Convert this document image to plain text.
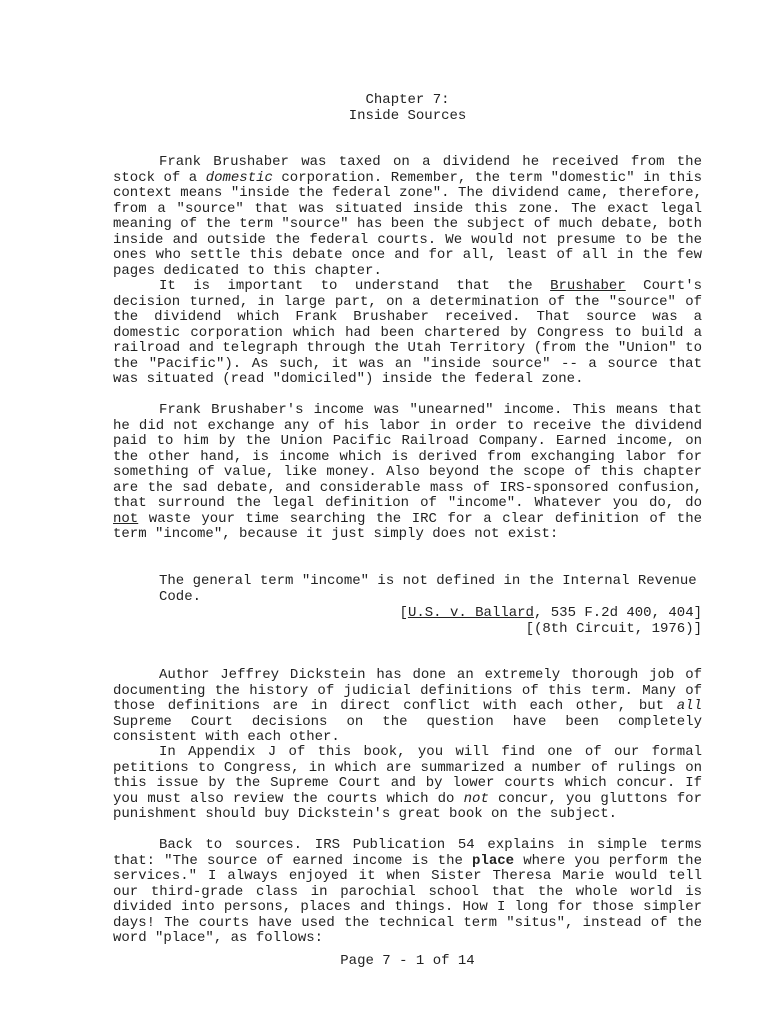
Chapter 7:
Inside Sources

Frank Brushaber was taxed on a dividend he received from the stock of a domestic corporation. Remember, the term "domestic" in this context means "inside the federal zone". The dividend came, therefore, from a "source" that was situated inside this zone. The exact legal meaning of the term "source" has been the subject of much debate, both inside and outside the federal courts. We would not presume to be the ones who settle this debate once and for all, least of all in the few pages dedicated to this chapter.

It is important to understand that the Brushaber Court's decision turned, in large part, on a determination of the "source" of the dividend which Frank Brushaber received. That source was a domestic corporation which had been chartered by Congress to build a railroad and telegraph through the Utah Territory (from the "Union" to the "Pacific"). As such, it was an "inside source" -- a source that was situated (read "domiciled") inside the federal zone.

Frank Brushaber's income was "unearned" income. This means that he did not exchange any of his labor in order to receive the dividend paid to him by the Union Pacific Railroad Company. Earned income, on the other hand, is income which is derived from exchanging labor for something of value, like money. Also beyond the scope of this chapter are the sad debate, and considerable mass of IRS-sponsored confusion, that surround the legal definition of "income". Whatever you do, do not waste your time searching the IRC for a clear definition of the term "income", because it just simply does not exist:

The general term "income" is not defined in the Internal Revenue Code.
[U.S. v. Ballard, 535 F.2d 400, 404]
[(8th Circuit, 1976)]

Author Jeffrey Dickstein has done an extremely thorough job of documenting the history of judicial definitions of this term. Many of those definitions are in direct conflict with each other, but all Supreme Court decisions on the question have been completely consistent with each other.

In Appendix J of this book, you will find one of our formal petitions to Congress, in which are summarized a number of rulings on this issue by the Supreme Court and by lower courts which concur. If you must also review the courts which do not concur, you gluttons for punishment should buy Dickstein's great book on the subject.

Back to sources. IRS Publication 54 explains in simple terms that: "The source of earned income is the place where you perform the services." I always enjoyed it when Sister Theresa Marie would tell our third-grade class in parochial school that the whole world is divided into persons, places and things. How I long for those simpler days! The courts have used the technical term "situs", instead of the word "place", as follows:

Page 7 - 1 of 14
